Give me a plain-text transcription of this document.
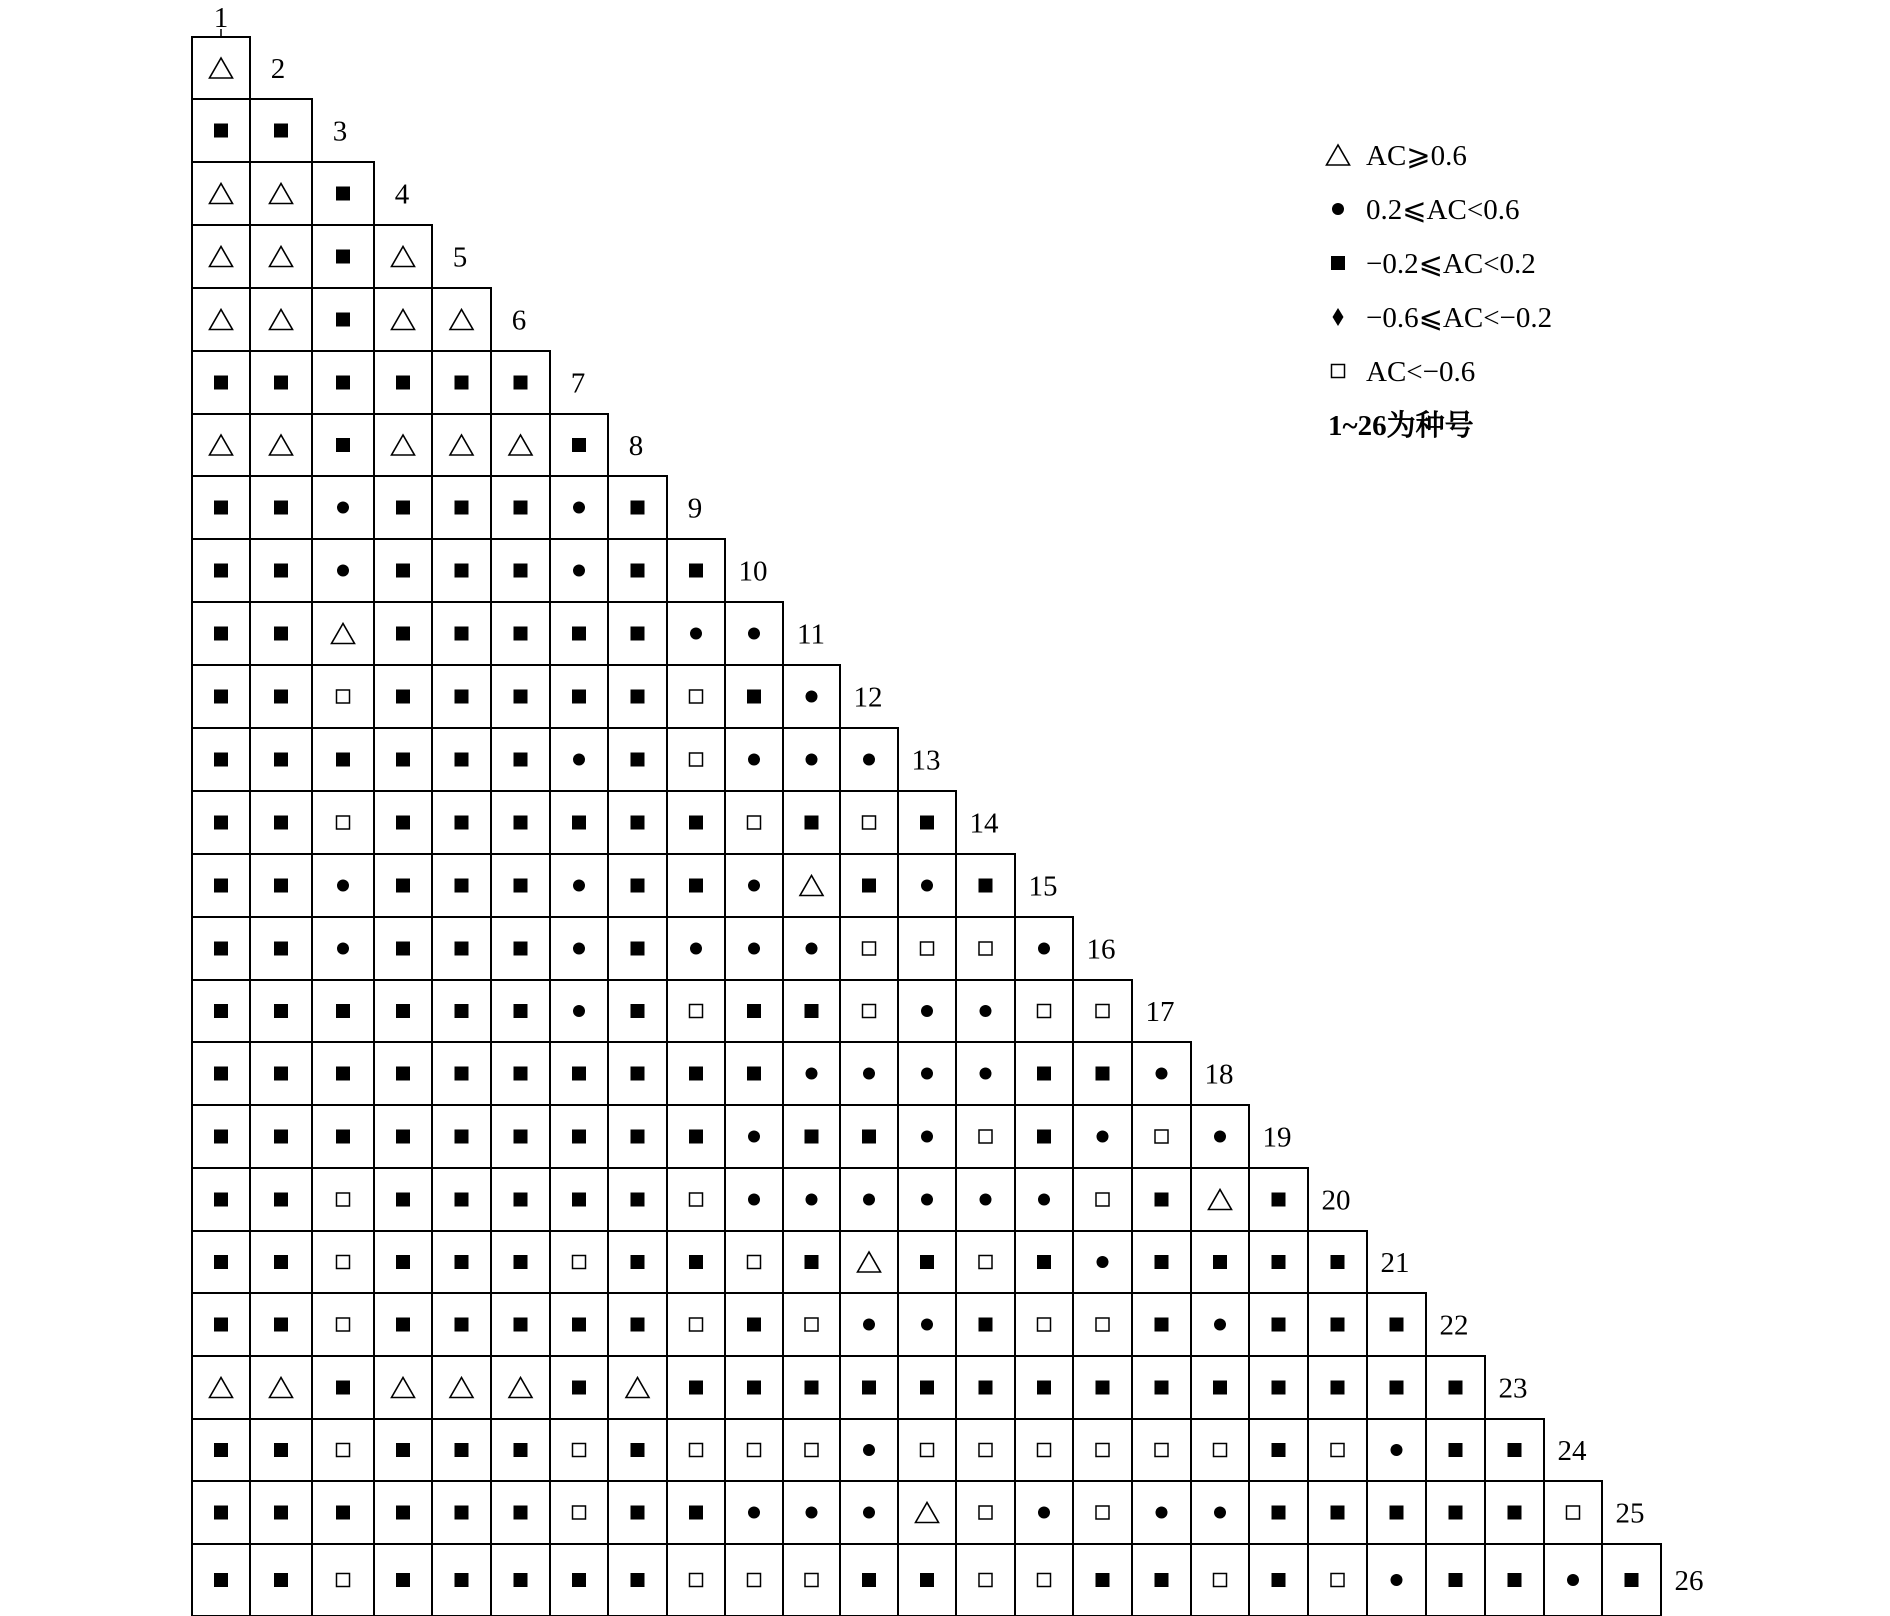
1
2
3
4
5
6
7
8
9
10
11
12
13
14
15
16
17
18
19
20
21
22
23
24
25
26
AC⩾0.6
0.2⩽AC<0.6
−0.2⩽AC<0.2
−0.6⩽AC<−0.2
AC<−0.6
1~26为种号
